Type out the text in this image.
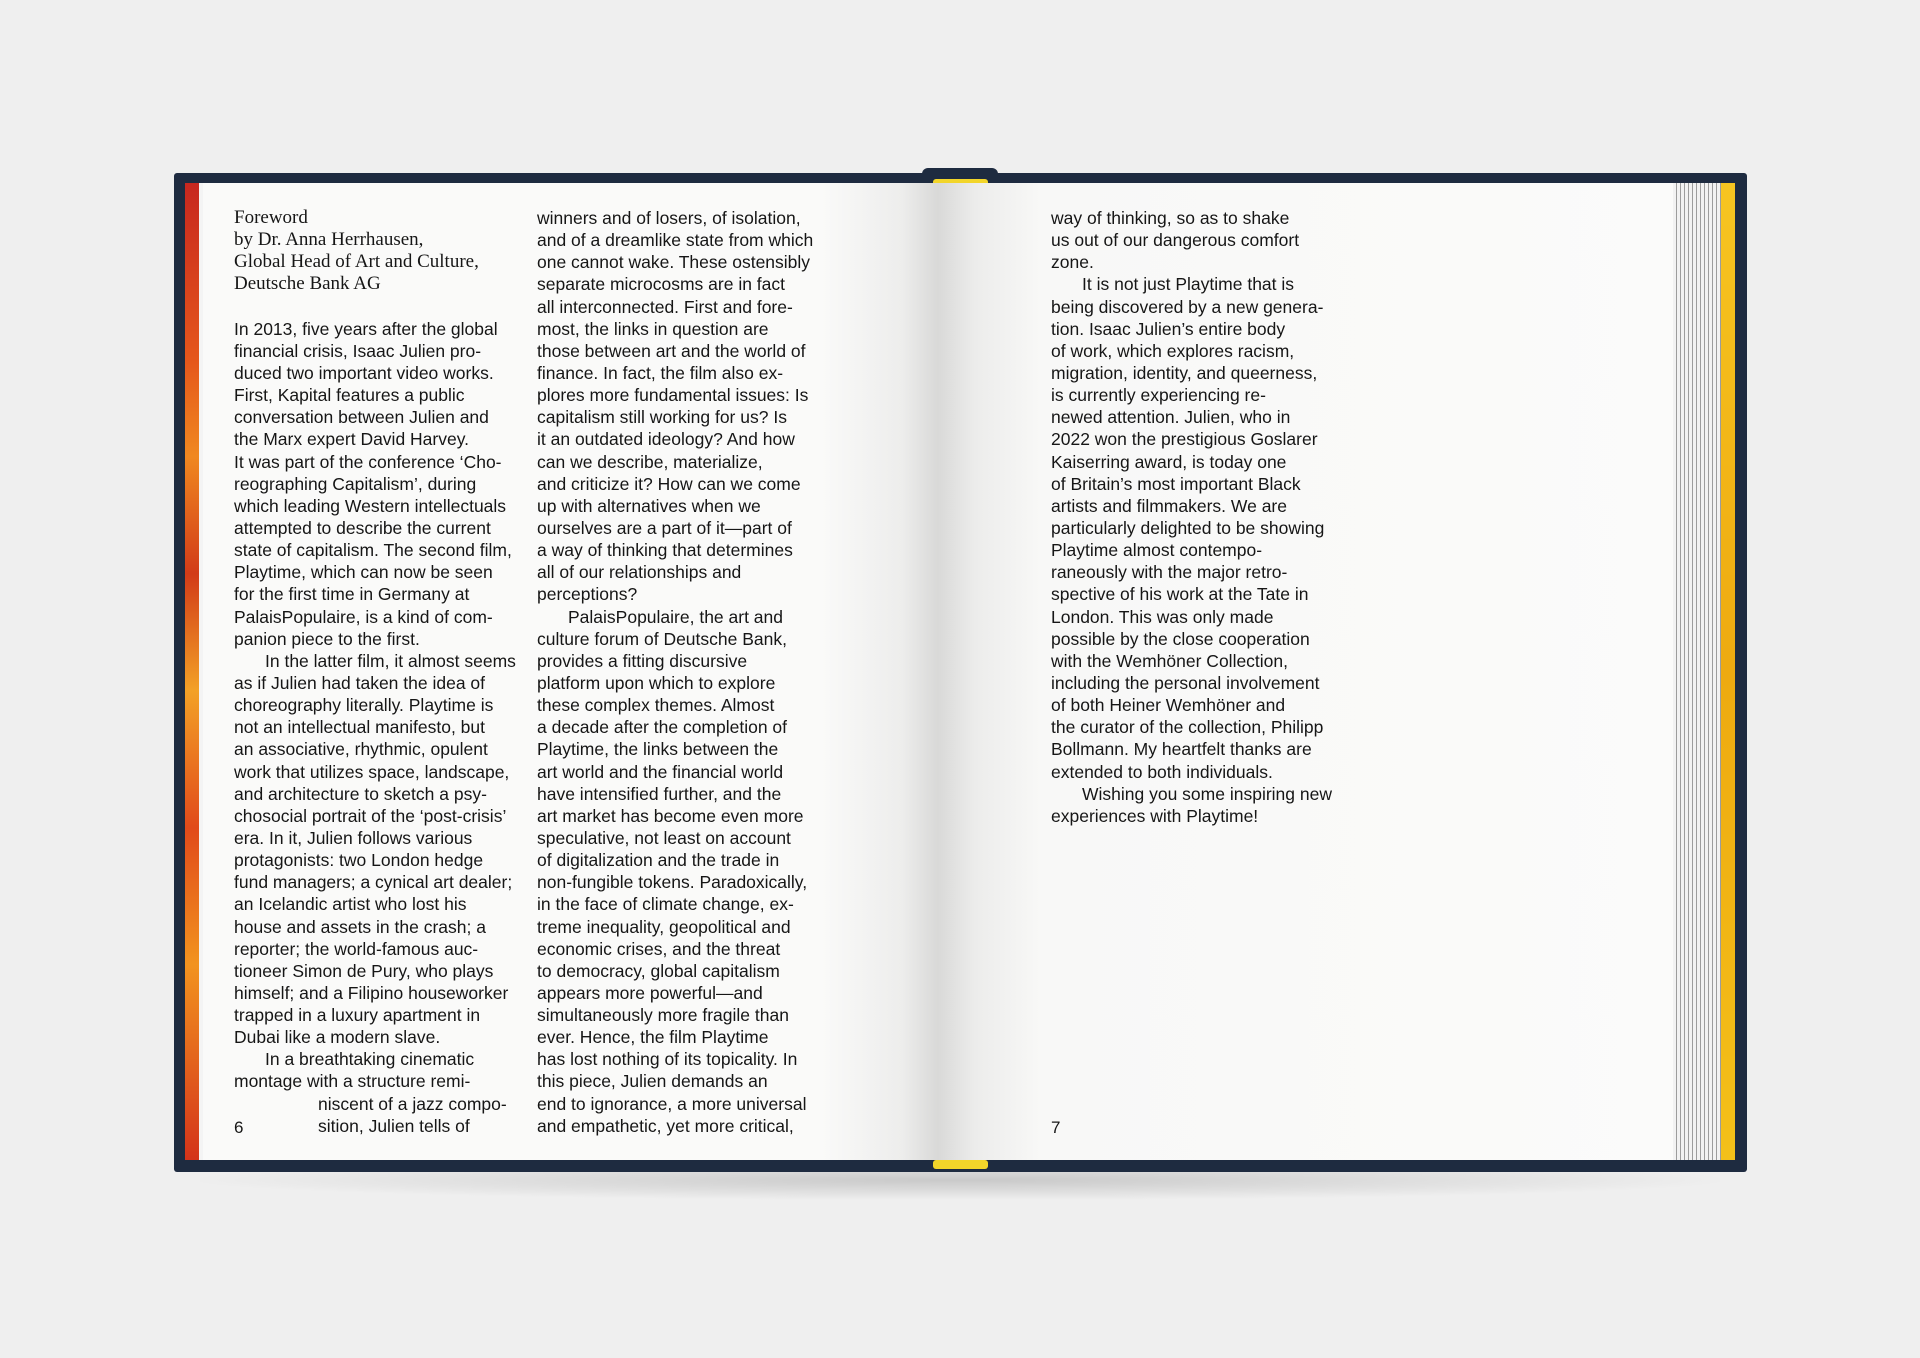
Foreword
by Dr. Anna Herrhausen,
Global Head of Art and Culture,
Deutsche Bank AG
In 2013, five years after the global
financial crisis, Isaac Julien pro-
duced two important video works.
First, Kapital features a public
conversation between Julien and
the Marx expert David Harvey.
It was part of the conference ‘Cho-
reographing Capitalism’, during
which leading Western intellectuals
attempted to describe the current
state of capitalism. The second film,
Playtime, which can now be seen
for the first time in Germany at
PalaisPopulaire, is a kind of com-
panion piece to the first.
In the latter film, it almost seems
as if Julien had taken the idea of
choreography literally. Playtime is
not an intellectual manifesto, but
an associative, rhythmic, opulent
work that utilizes space, landscape,
and architecture to sketch a psy-
chosocial portrait of the ‘post-crisis’
era. In it, Julien follows various
protagonists: two London hedge
fund managers; a cynical art dealer;
an Icelandic artist who lost his
house and assets in the crash; a
reporter; the world-famous auc-
tioneer Simon de Pury, who plays
himself; and a Filipino houseworker
trapped in a luxury apartment in
Dubai like a modern slave.
In a breathtaking cinematic
montage with a structure remi-
niscent of a jazz compo-
sition, Julien tells of
winners and of losers, of isolation,
and of a dreamlike state from which
one cannot wake. These ostensibly
separate microcosms are in fact
all interconnected. First and fore-
most, the links in question are
those between art and the world of
finance. In fact, the film also ex-
plores more fundamental issues: Is
capitalism still working for us? Is
it an outdated ideology? And how
can we describe, materialize,
and criticize it? How can we come
up with alternatives when we
ourselves are a part of it—part of
a way of thinking that determines
all of our relationships and
perceptions?
PalaisPopulaire, the art and
culture forum of Deutsche Bank,
provides a fitting discursive
platform upon which to explore
these complex themes. Almost
a decade after the completion of
Playtime, the links between the
art world and the financial world
have intensified further, and the
art market has become even more
speculative, not least on account
of digitalization and the trade in
non-fungible tokens. Paradoxically,
in the face of climate change, ex-
treme inequality, geopolitical and
economic crises, and the threat
to democracy, global capitalism
appears more powerful—and
simultaneously more fragile than
ever. Hence, the film Playtime
has lost nothing of its topicality. In
this piece, Julien demands an
end to ignorance, a more universal
and empathetic, yet more critical,
6
way of thinking, so as to shake
us out of our dangerous comfort
zone.
It is not just Playtime that is
being discovered by a new genera-
tion. Isaac Julien’s entire body
of work, which explores racism,
migration, identity, and queerness,
is currently experiencing re-
newed attention. Julien, who in
2022 won the prestigious Goslarer
Kaiserring award, is today one
of Britain’s most important Black
artists and filmmakers. We are
particularly delighted to be showing
Playtime almost contempo-
raneously with the major retro-
spective of his work at the Tate in
London. This was only made
possible by the close cooperation
with the Wemhöner Collection,
including the personal involvement
of both Heiner Wemhöner and
the curator of the collection, Philipp
Bollmann. My heartfelt thanks are
extended to both individuals.
Wishing you some inspiring new
experiences with Playtime!
7
